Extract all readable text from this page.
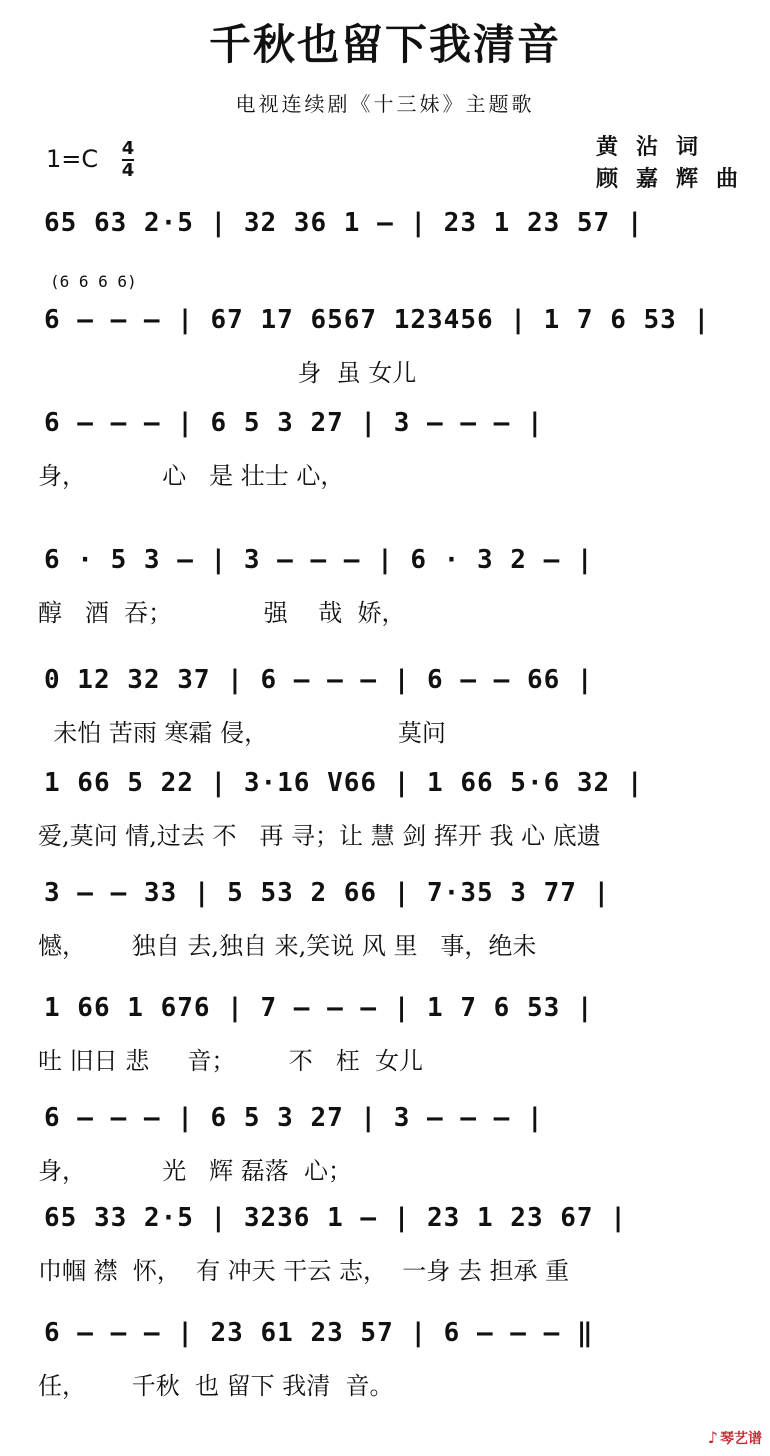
千秋也留下我清音
电视连续剧《十三妹》主题歌
$1=C \frac{4}{4}$	黄沾词
顾嘉辉曲
(6 6 6 6)
65 63 2·5 | 32 36 1 — | 23 1 23 57 |
6 — — — | 67 17 6567 123456 | 1 7 6 53 |
身  虽 女儿
6 — — — | 6 5 3 27 | 3 — — — |
身，          心   是 壮士 心，
6 · 5 3 — | 3 — — — | 6 · 3 2 — |
醇   酒  吞；            强    哉  娇，
0 12 32 37 | 6 — — — | 6 — — 66 |
未怕 苦雨 寒霜 侵，                 莫问
1 66 5 22 | 3·16 V66 | 1 66 5·6 32 |
爱,莫问 情,过去 不   再 寻；让 慧 剑 挥开 我 心 底遗
3 — — 33 | 5 53 2 66 | 7·35 3 77 |
憾，      独自 去,独自 来,笑说 风 里   事，绝未
1 66 1 676 | 7 — — — | 1 7 6 53 |
吐 旧日 悲     音；       不   枉  女儿
6 — — — | 6 5 3 27 | 3 — — — |
身，          光   辉 磊落  心；
65 33 2·5 | 3236 1 — | 23 1 23 67 |
巾帼 襟  怀，  有 冲天 干云 志，  一身 去 担承 重
6 — — — | 23 61 23 57 | 6 — — — ‖
任，      千秋  也 留下 我清  音。
♪ 琴艺谱
